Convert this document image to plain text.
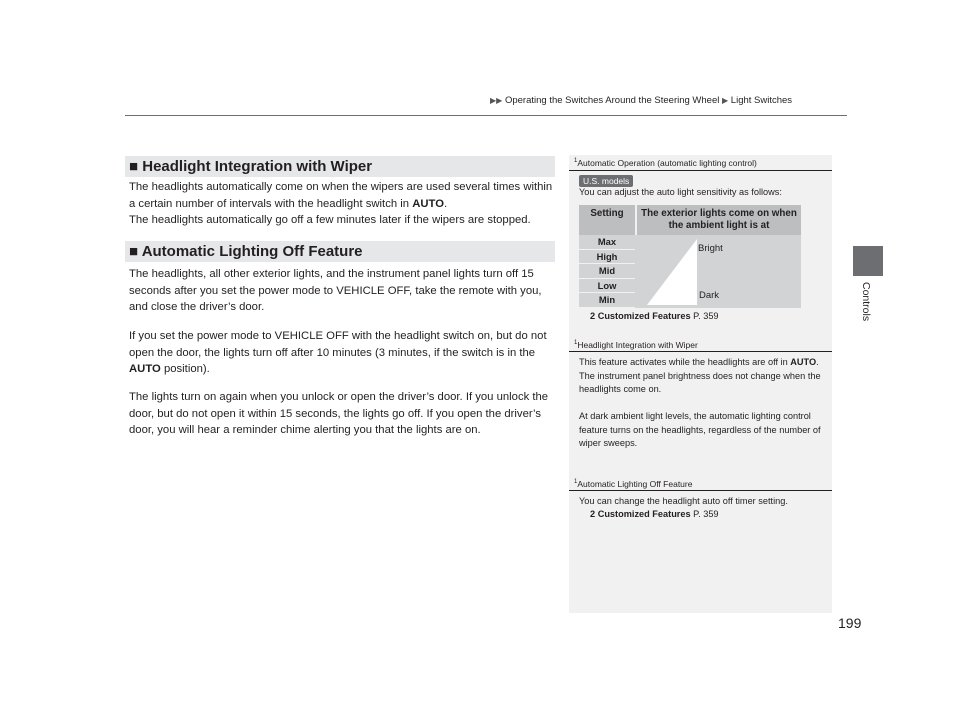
▶▶ Operating the Switches Around the Steering Wheel ▶ Light Switches
Controls
■ Headlight Integration with Wiper
The headlights automatically come on when the wipers are used several times within a certain number of intervals with the headlight switch in AUTO.
The headlights automatically go off a few minutes later if the wipers are stopped.
■ Automatic Lighting Off Feature
The headlights, all other exterior lights, and the instrument panel lights turn off 15 seconds after you set the power mode to VEHICLE OFF, take the remote with you, and close the driver’s door.
If you set the power mode to VEHICLE OFF with the headlight switch on, but do not open the door, the lights turn off after 10 minutes (3 minutes, if the switch is in the AUTO position).
The lights turn on again when you unlock or open the driver’s door. If you unlock the door, but do not open it within 15 seconds, the lights go off. If you open the driver’s door, you will hear a reminder chime alerting you that the lights are on.
$^1$Automatic Operation (automatic lighting control)
U.S. models
You can adjust the auto light sensitivity as follows:
Setting	The exterior lights come on when the ambient light is at
Max
High
Mid
Low
Min
Bright
Dark
2 Customized Features P. 359
$^1$Headlight Integration with Wiper
This feature activates while the headlights are off in AUTO.
The instrument panel brightness does not change when the headlights come on.

At dark ambient light levels, the automatic lighting control feature turns on the headlights, regardless of the number of wiper sweeps.
$^1$Automatic Lighting Off Feature
You can change the headlight auto off timer setting.
2 Customized Features P. 359
199
